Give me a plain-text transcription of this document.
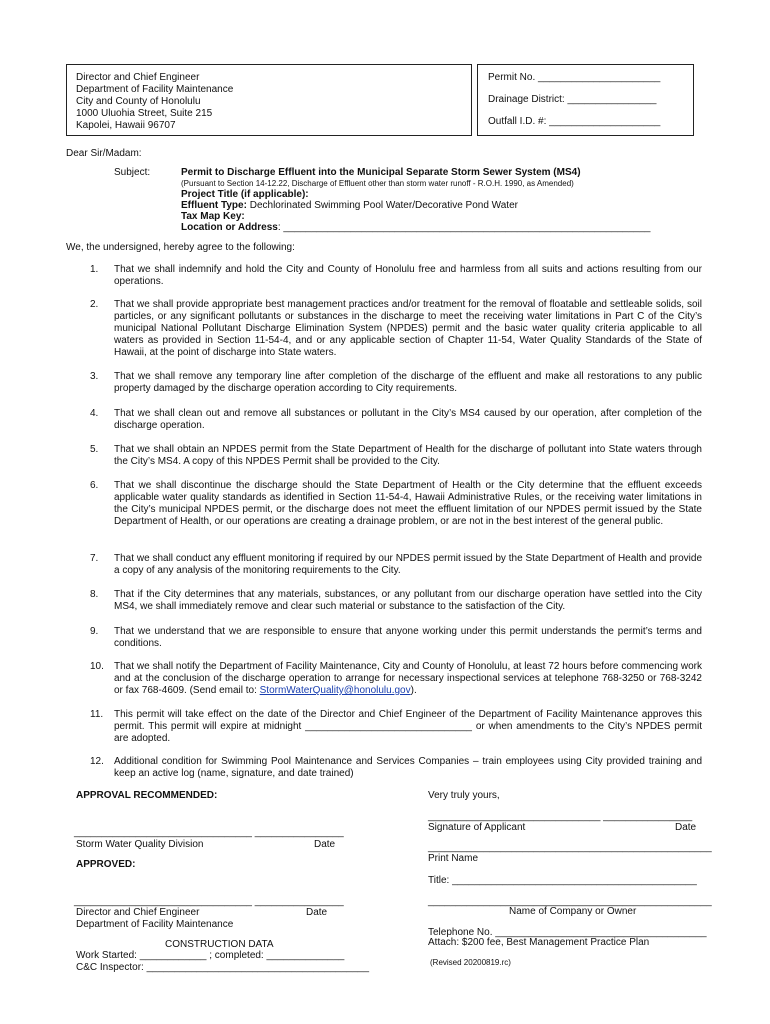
Director and Chief Engineer
Department of Facility Maintenance
City and County of Honolulu
1000 Uluohia Street, Suite 215
Kapolei, Hawaii 96707
Permit No. ______________________
Drainage District: ________________
Outfall I.D. #: ____________________
Dear Sir/Madam:
Subject:	Permit to Discharge Effluent into the Municipal Separate Storm Sewer System (MS4)
(Pursuant to Section 14-12.22, Discharge of Effluent other than storm water runoff - R.O.H. 1990, as Amended)
Project Title (if applicable):
Effluent Type: Dechlorinated Swimming Pool Water/Decorative Pond Water
Tax Map Key:
Location or Address: __________________________________________________________________
We, the undersigned, hereby agree to the following:
1.	That we shall indemnify and hold the City and County of Honolulu free and harmless from all suits and actions resulting from our operations.
2.	That we shall provide appropriate best management practices and/or treatment for the removal of floatable and settleable solids, soil particles, or any significant pollutants or substances in the discharge to meet the receiving water limitations in Part C of the City’s municipal National Pollutant Discharge Elimination System (NPDES) permit and the basic water quality criteria applicable to all waters as provided in Section 11-54-4, and or any applicable section of Chapter 11-54, Water Quality Standards of the State of Hawaii, at the point of discharge into State waters.
3.	That we shall remove any temporary line after completion of the discharge of the effluent and make all restorations to any public property damaged by the discharge operation according to City requirements.
4.	That we shall clean out and remove all substances or pollutant in the City’s MS4 caused by our operation, after completion of the discharge operation.
5.	That we shall obtain an NPDES permit from the State Department of Health for the discharge of pollutant into State waters through the City’s MS4. A copy of this NPDES Permit shall be provided to the City.
6.	That we shall discontinue the discharge should the State Department of Health or the City determine that the effluent exceeds applicable water quality standards as identified in Section 11-54-4, Hawaii Administrative Rules, or the receiving water limitations in the City’s municipal NPDES permit, or the discharge does not meet the effluent limitation of our NPDES permit issued by the State Department of Health, or our operations are creating a drainage problem, or are not in the best interest of the general public.
7.	That we shall conduct any effluent monitoring if required by our NPDES permit issued by the State Department of Health and provide a copy of any analysis of the monitoring requirements to the City.
8.	That if the City determines that any materials, substances, or any pollutant from our discharge operation have settled into the City MS4, we shall immediately remove and clear such material or substance to the satisfaction of the City.
9.	That we understand that we are responsible to ensure that anyone working under this permit understands the permit’s terms and conditions.
10.	That we shall notify the Department of Facility Maintenance, City and County of Honolulu, at least 72 hours before commencing work and at the conclusion of the discharge operation to arrange for necessary inspectional services at telephone 768-3250 or 768-3242 or fax 768-4609. (Send email to: StormWaterQuality@honolulu.gov).
11.	This permit will take effect on the date of the Director and Chief Engineer of the Department of Facility Maintenance approves this permit. This permit will expire at midnight ______________________________ or when amendments to the City’s NPDES permit are adopted.
12.	Additional condition for Swimming Pool Maintenance and Services Companies – train employees using City provided training and keep an active log (name, signature, and date trained)
APPROVAL RECOMMENDED:
________________________________ ________________
Storm Water Quality Division	Date
APPROVED:
________________________________ ________________
Director and Chief Engineer	Date
Department of Facility Maintenance
CONSTRUCTION DATA
Work Started: ____________ ; completed: ______________
C&C Inspector: ________________________________________
Very truly yours,
_______________________________ ________________
Signature of Applicant	Date
___________________________________________________
Print Name
Title: ____________________________________________
___________________________________________________
Name of Company or Owner
Telephone No. ______________________________________
Attach: $200 fee, Best Management Practice Plan
(Revised 20200819.rc)
